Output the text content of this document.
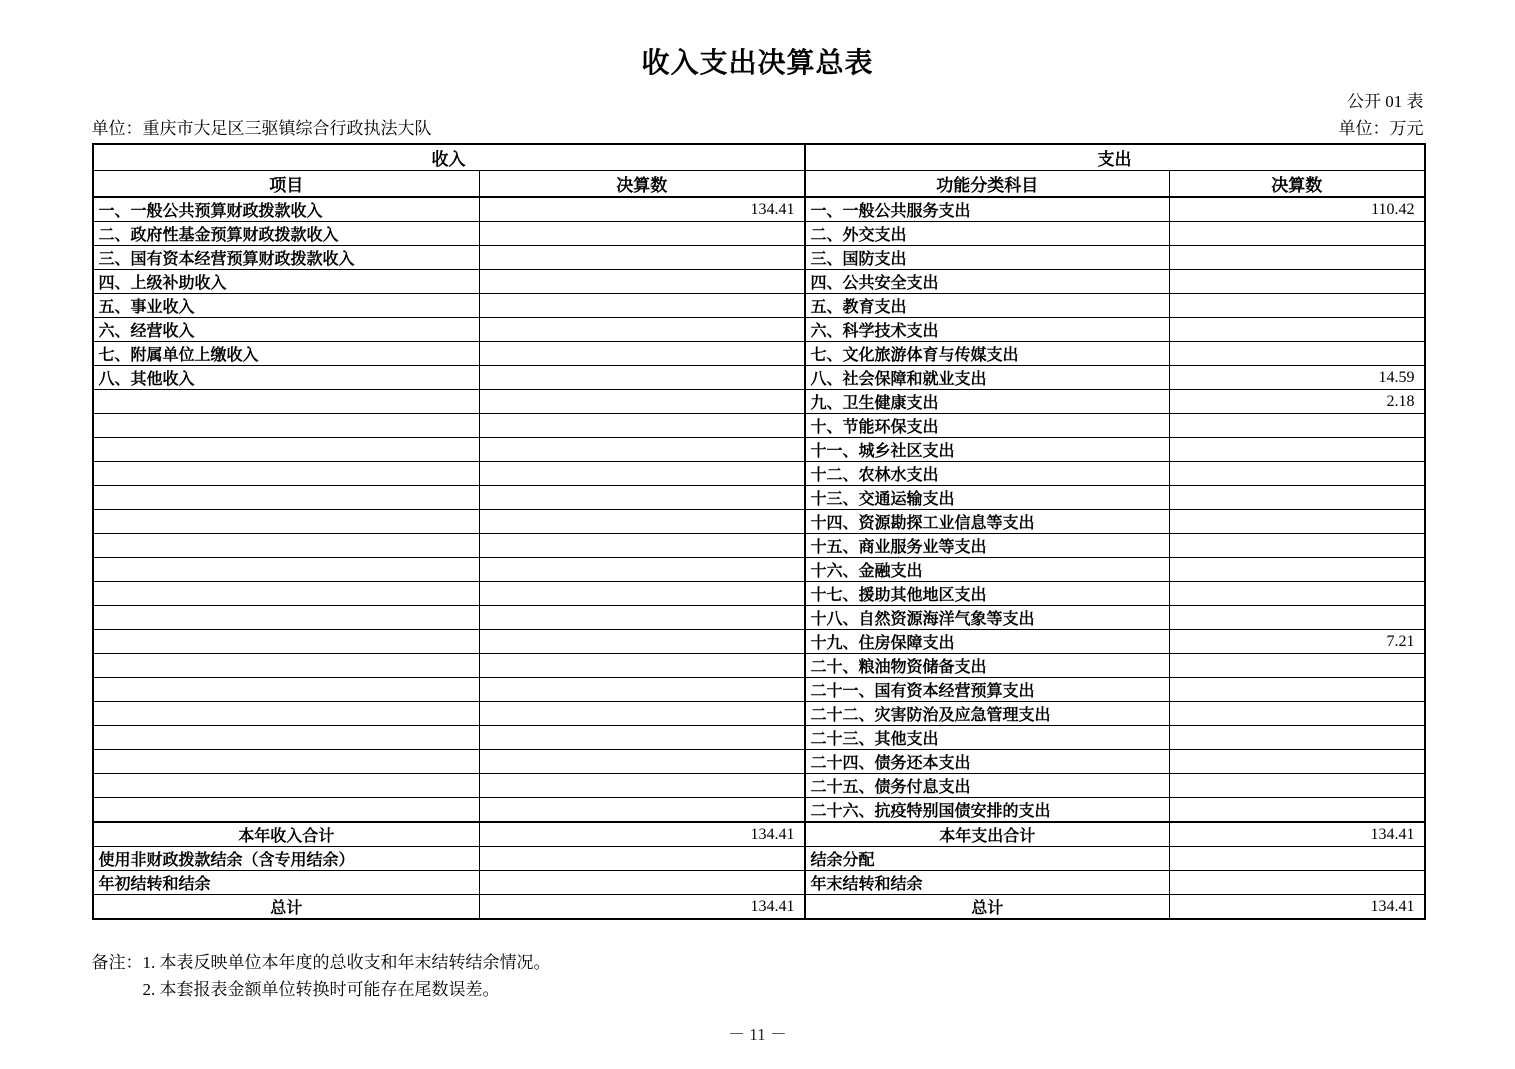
收入支出决算总表
公开 01 表
单位：重庆市大足区三驱镇综合行政执法大队	单位：万元
收入		支出	
项目	决算数	功能分类科目	决算数
一、一般公共预算财政拨款收入	134.41	一、一般公共服务支出	110.42
二、政府性基金预算财政拨款收入		二、外交支出	
三、国有资本经营预算财政拨款收入		三、国防支出	
四、上级补助收入		四、公共安全支出	
五、事业收入		五、教育支出	
六、经营收入		六、科学技术支出	
七、附属单位上缴收入		七、文化旅游体育与传媒支出	
八、其他收入		八、社会保障和就业支出	14.59
		九、卫生健康支出	2.18
		十、节能环保支出	
		十一、城乡社区支出	
		十二、农林水支出	
		十三、交通运输支出	
		十四、资源勘探工业信息等支出	
		十五、商业服务业等支出	
		十六、金融支出	
		十七、援助其他地区支出	
		十八、自然资源海洋气象等支出	
		十九、住房保障支出	7.21
		二十、粮油物资储备支出	
		二十一、国有资本经营预算支出	
		二十二、灾害防治及应急管理支出	
		二十三、其他支出	
		二十四、债务还本支出	
		二十五、债务付息支出	
		二十六、抗疫特别国债安排的支出	
本年收入合计	134.41	本年支出合计	134.41
使用非财政拨款结余（含专用结余）		结余分配	
年初结转和结余		年末结转和结余	
总计	134.41	总计	134.41
备注： 1. 本表反映单位本年度的总收支和年末结转结余情况。
2. 本套报表金额单位转换时可能存在尾数误差。
－ 11 －
